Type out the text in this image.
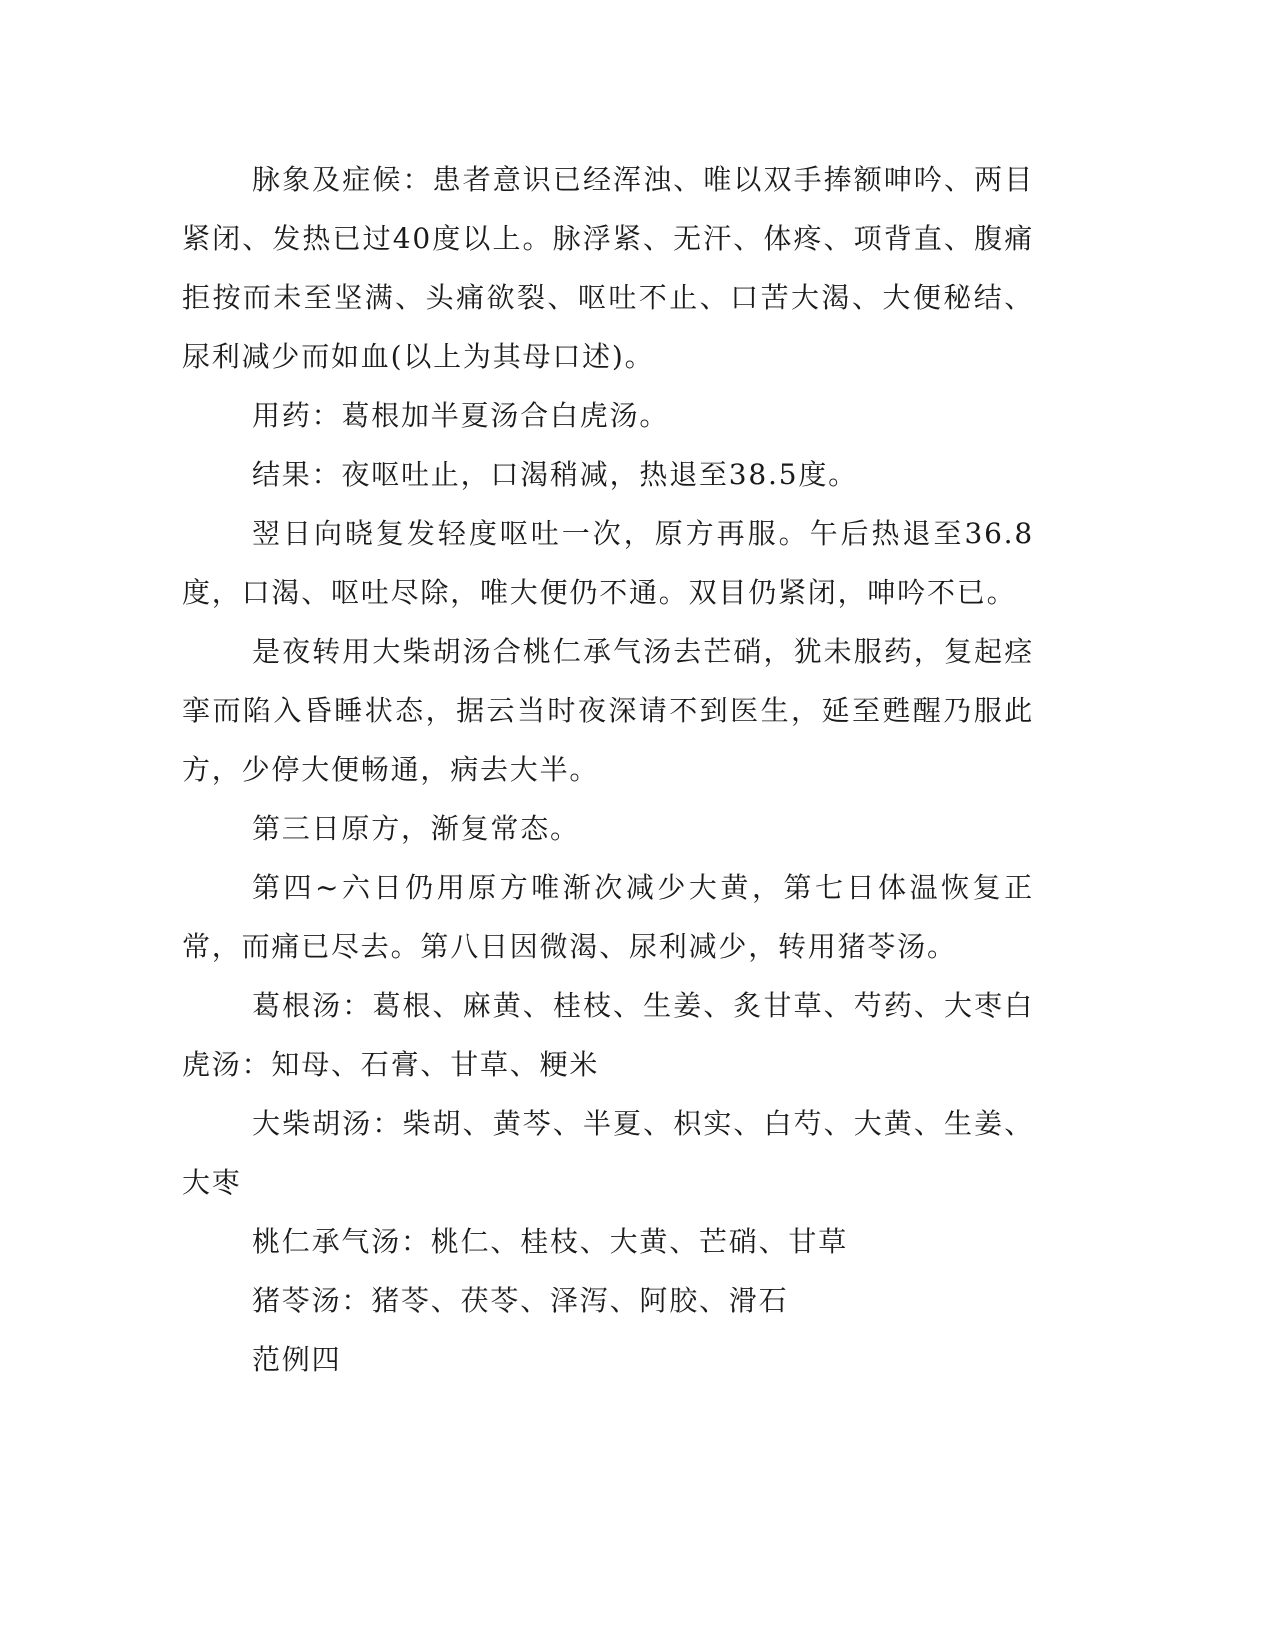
脉象及症候：患者意识已经浑浊、唯以双手捧额呻吟、两目紧闭、发热已过40度以上。脉浮紧、无汗、体疼、项背直、腹痛拒按而未至坚满、头痛欲裂、呕吐不止、口苦大渴、大便秘结、尿利减少而如血(以上为其母口述)。

用药：葛根加半夏汤合白虎汤。

结果：夜呕吐止，口渴稍减，热退至38.5度。

翌日向晓复发轻度呕吐一次，原方再服。午后热退至36.8度，口渴、呕吐尽除，唯大便仍不通。双目仍紧闭，呻吟不已。

是夜转用大柴胡汤合桃仁承气汤去芒硝，犹未服药，复起痉挛而陷入昏睡状态，据云当时夜深请不到医生，延至甦醒乃服此方，少停大便畅通，病去大半。

第三日原方，渐复常态。

第四~六日仍用原方唯渐次减少大黄，第七日体温恢复正常，而痛已尽去。第八日因微渴、尿利减少，转用猪苓汤。

葛根汤：葛根、麻黄、桂枝、生姜、炙甘草、芍药、大枣白虎汤：知母、石膏、甘草、粳米

大柴胡汤：柴胡、黄芩、半夏、枳实、白芍、大黄、生姜、大枣

桃仁承气汤：桃仁、桂枝、大黄、芒硝、甘草

猪苓汤：猪苓、茯苓、泽泻、阿胶、滑石

范例四
